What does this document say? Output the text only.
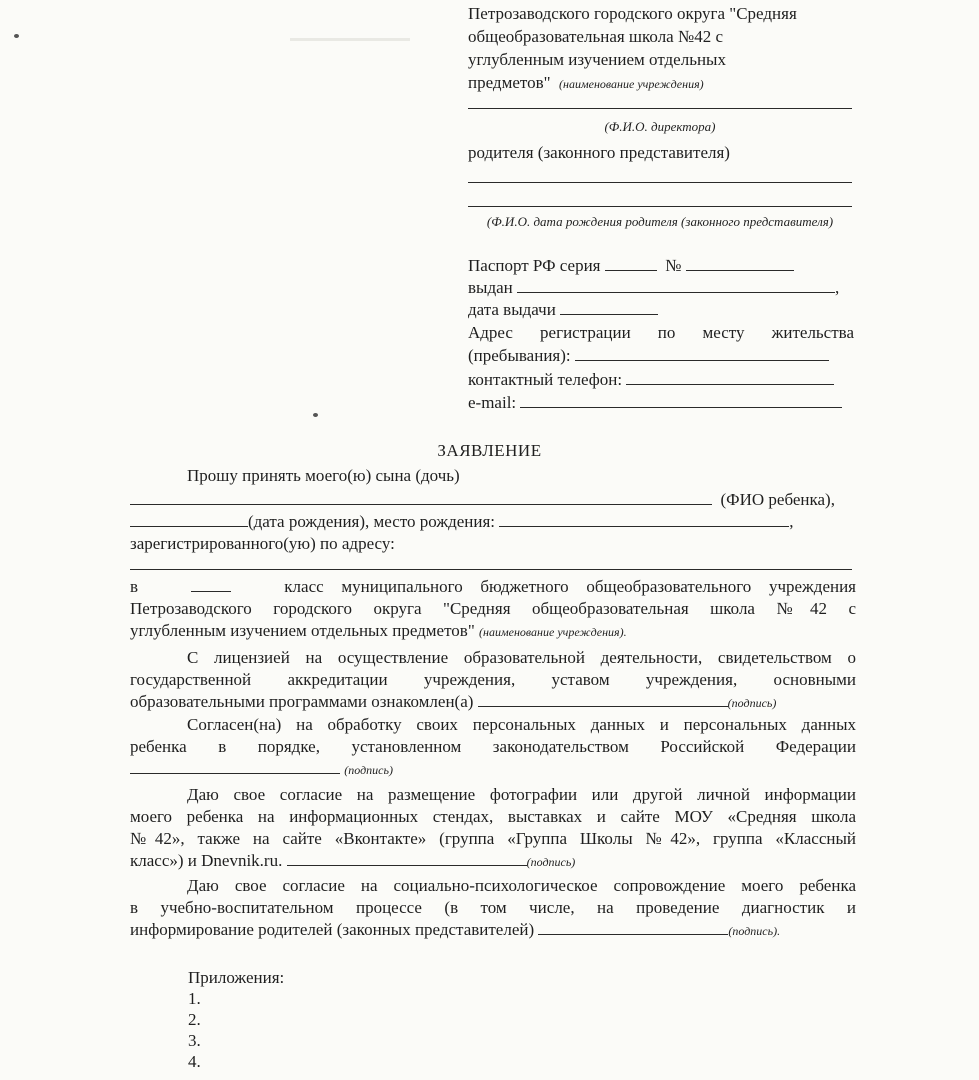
Петрозаводского городского округа "Средняя
общеобразовательная школа №42 с
углубленным изучением отдельных
предметов" (наименование учреждения)
(Ф.И.О. директора)
родителя (законного представителя)
(Ф.И.О. дата рождения родителя (законного представителя)
Паспорт РФ серия	№
выдан	,
дата выдачи
Адрес регистрации по месту жительства
(пребывания):
контактный телефон:
e-mail:
ЗАЯВЛЕНИЕ
Прошу принять моего(ю) сына (дочь)
(ФИО ребенка),
(дата рождения), место рождения:	,
зарегистрированного(ую) по адресу:
в	класс муниципального бюджетного общеобразовательного учреждения
Петрозаводского городского округа "Средняя общеобразовательная школа №42 с
углубленным изучением отдельных предметов" (наименование учреждения).
С лицензией на осуществление образовательной деятельности, свидетельством о
государственной аккредитации учреждения, уставом учреждения, основными
образовательными программами ознакомлен(а)	(подпись)
Согласен(на) на обработку своих персональных данных и персональных данных
ребенка в порядке, установленном законодательством Российской Федерации
(подпись)
Даю свое согласие на размещение фотографии или другой личной информации
моего ребенка на информационных стендах, выставках и сайте МОУ «Средняя школа
№42», также на сайте «Вконтакте» (группа «Группа Школы №42», группа «Классный
класс») и Dnevnik.ru.	(подпись)
Даю свое согласие на социально-психологическое сопровождение моего ребенка
в учебно-воспитательном процессе (в том числе, на проведение диагностик и
информирование родителей (законных представителей)	(подпись).
Приложения:
1.
2.
3.
4.
